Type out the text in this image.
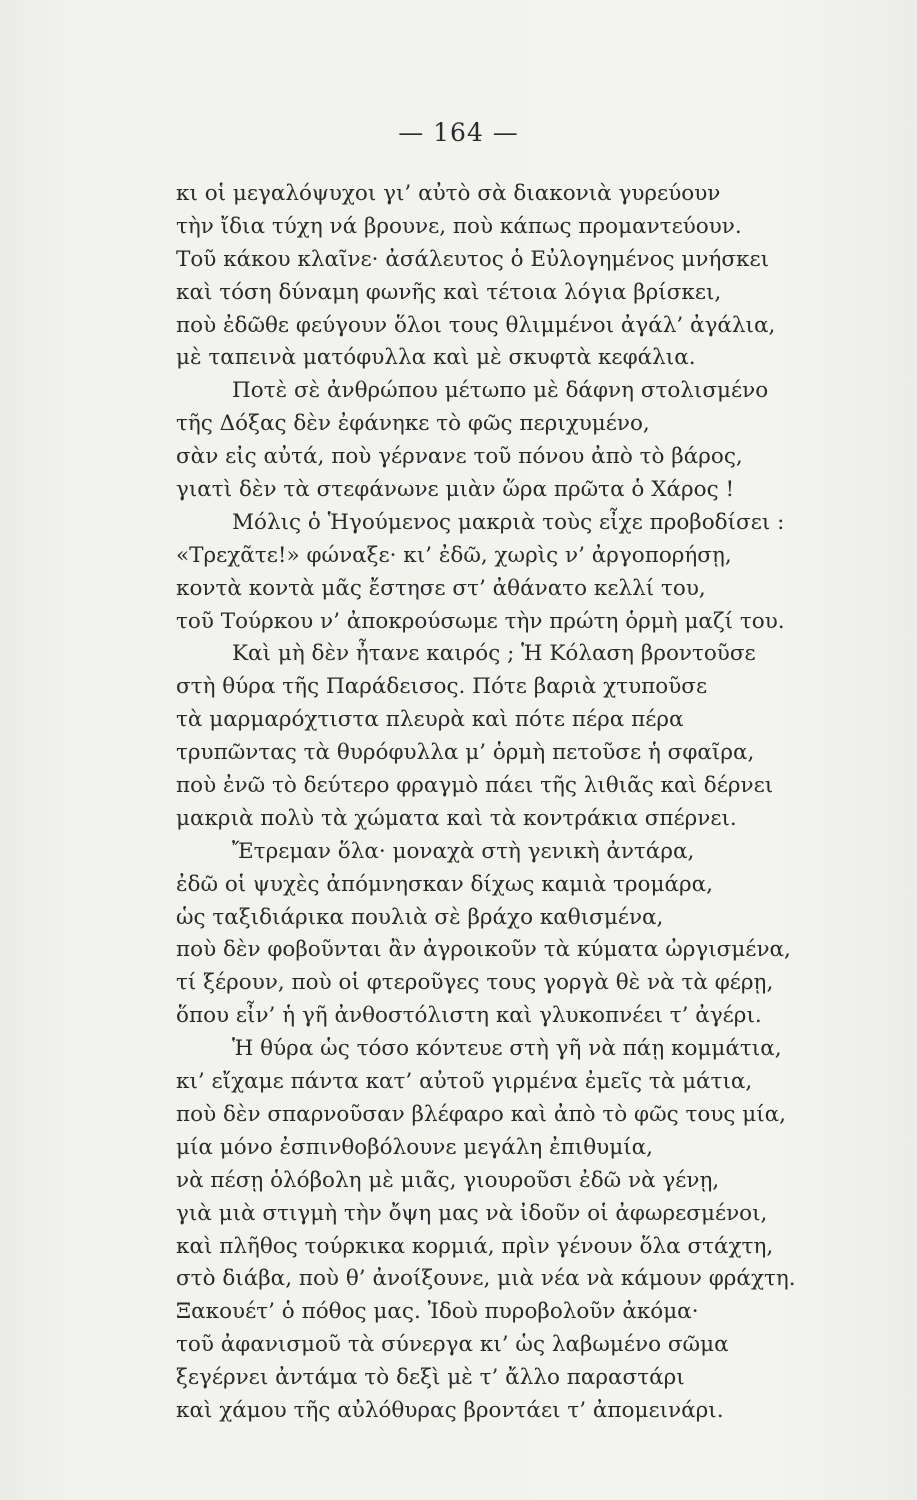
— 164 —
κι οἱ μεγαλόψυχοι γι’ αὐτὸ σὰ διακονιὰ γυρεύουν
τὴν ἴδια τύχη νά βρουνε, ποὺ κάπως προμαντεύουν.
Τοῦ κάκου κλαῖνε· ἀσάλευτος ὁ Εὐλογημένος μνήσκει
καὶ τόση δύναμη φωνῆς καὶ τέτοια λόγια βρίσκει,
ποὺ ἐδῶθε φεύγουν ὅλοι τους θλιμμένοι ἀγάλ’ ἀγάλια,
μὲ ταπεινὰ ματόφυλλα καὶ μὲ σκυφτὰ κεφάλια.
Ποτὲ σὲ ἀνθρώπου μέτωπο μὲ δάφνη στολισμένο
τῆς Δόξας δὲν ἐφάνηκε τὸ φῶς περιχυμένο,
σὰν εἰς αὐτά, ποὺ γέρνανε τοῦ πόνου ἀπὸ τὸ βάρος,
γιατὶ δὲν τὰ στεφάνωνε μιὰν ὥρα πρῶτα ὁ Χάρος !
Μόλις ὁ Ἡγούμενος μακριὰ τοὺς εἶχε προβοδίσει :
«Τρεχᾶτε!» φώναξε· κι’ ἐδῶ, χωρὶς ν’ ἀργοπορήσῃ,
κοντὰ κοντὰ μᾶς ἔστησε στ’ ἀθάνατο κελλί του,
τοῦ Τούρκου ν’ ἀποκρούσωμε τὴν πρώτη ὁρμὴ μαζί του.
Καὶ μὴ δὲν ἦτανε καιρός ; Ἡ Κόλαση βροντοῦσε
στὴ θύρα τῆς Παράδεισος. Πότε βαριὰ χτυποῦσε
τὰ μαρμαρόχτιστα πλευρὰ καὶ πότε πέρα πέρα
τρυπῶντας τὰ θυρόφυλλα μ’ ὁρμὴ πετοῦσε ἡ σφαῖρα,
ποὺ ἐνῶ τὸ δεύτερο φραγμὸ πάει τῆς λιθιᾶς καὶ δέρνει
μακριὰ πολὺ τὰ χώματα καὶ τὰ κοντράκια σπέρνει.
Ἔτρεμαν ὅλα· μοναχὰ στὴ γενικὴ ἀντάρα,
ἐδῶ οἱ ψυχὲς ἀπόμνησκαν δίχως καμιὰ τρομάρα,
ὡς ταξιδιάρικα πουλιὰ σὲ βράχο καθισμένα,
ποὺ δὲν φοβοῦνται ἂν ἀγροικοῦν τὰ κύματα ὠργισμένα,
τί ξέρουν, ποὺ οἱ φτεροῦγες τους γοργὰ θὲ νὰ τὰ φέρῃ,
ὅπου εἶν’ ἡ γῆ ἀνθοστόλιστη καὶ γλυκοπνέει τ’ ἀγέρι.
Ἡ θύρα ὡς τόσο κόντευε στὴ γῆ νὰ πάῃ κομμάτια,
κι’ εἴχαμε πάντα κατ’ αὐτοῦ γιρμένα ἐμεῖς τὰ μάτια,
ποὺ δὲν σπαρνοῦσαν βλέφαρο καὶ ἀπὸ τὸ φῶς τους μία,
μία μόνο ἐσπινθοβόλουνε μεγάλη ἐπιθυμία,
νὰ πέσῃ ὁλόβολη μὲ μιᾶς, γιουροῦσι ἐδῶ νὰ γένῃ,
γιὰ μιὰ στιγμὴ τὴν ὄψη μας νὰ ἰδοῦν οἱ ἀφωρεσμένοι,
καὶ πλῆθος τούρκικα κορμιά, πρὶν γένουν ὅλα στάχτη,
στὸ διάβα, ποὺ θ’ ἀνοίξουνε, μιὰ νέα νὰ κάμουν φράχτη.
Ξακουέτ’ ὁ πόθος μας. Ἰδοὺ πυροβολοῦν ἀκόμα·
τοῦ ἀφανισμοῦ τὰ σύνεργα κι’ ὡς λαβωμένο σῶμα
ξεγέρνει ἀντάμα τὸ δεξὶ μὲ τ’ ἄλλο παραστάρι
καὶ χάμου τῆς αὐλόθυρας βροντάει τ’ ἀπομεινάρι.
